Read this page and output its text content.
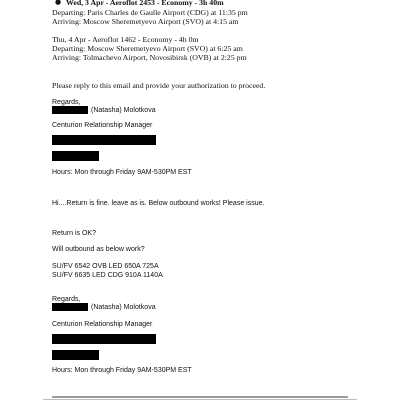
Wed, 3 Apr - Aeroflot 2453 - Economy - 3h 40m
●
Departing: Paris Charles de Gaulle Airport (CDG) at 11:35 pm
Arriving: Moscow Sheremetyevo Airport (SVO) at 4:15 am
Thu, 4 Apr - Aeroflot 1462 - Economy - 4h 0m
Departing: Moscow Sheremetyevo Airport (SVO) at 6:25 am
Arriving: Tolmachevo Airport, Novosibirsk (OVB) at 2:25 pm
Please reply to this email and provide your authorization to proceed.
Regards,
(Natasha) Molotkova
Centurion Relationship Manager
Hours: Mon through Friday 9AM-530PM EST
Hi....Return is fine. leave as is. Below outbound works! Please issue.
Return is OK?
Will outbound as below work?
SU/FV 6542 OVB LED 650A 725A
SU/FV 6635 LED CDG 910A 1140A
Regards,
(Natasha) Molotkova
Centurion Relationship Manager
Hours: Mon through Friday 9AM-530PM EST
